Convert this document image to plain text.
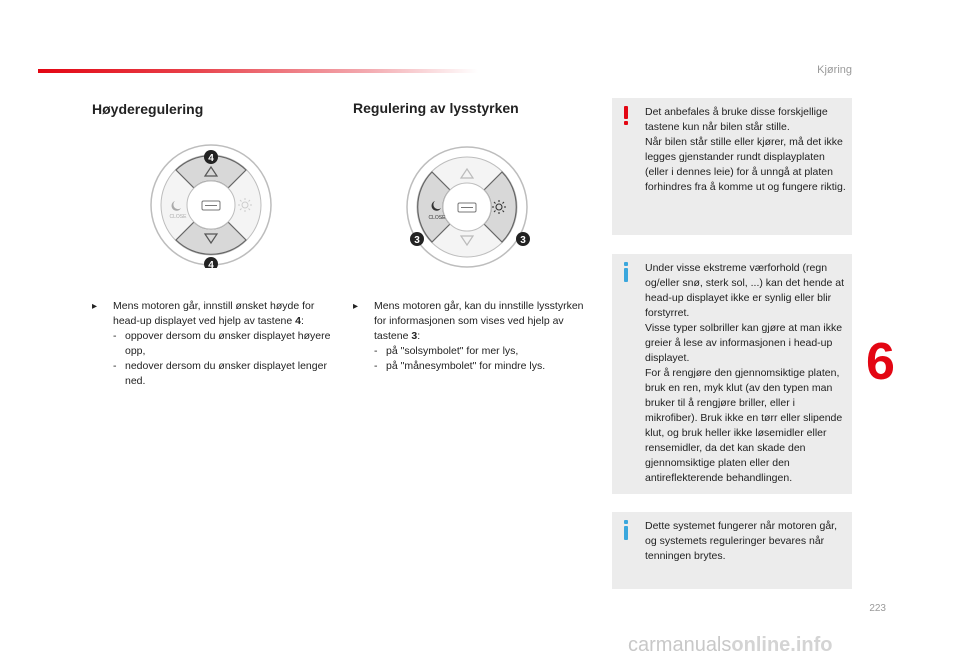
Kjøring
Høyderegulering	Regulering av lysstyrken
CLOSE
4
4
CLOSE
3	3
▸ Mens motoren går, innstill ønsket høyde for head-up displayet ved hjelp av tastene 4:
- oppover dersom du ønsker displayet høyere opp,
- nedover dersom du ønsker displayet lenger ned.
▸ Mens motoren går, kan du innstille lysstyrken for informasjonen som vises ved hjelp av tastene 3:
- på "solsymbolet" for mer lys,
- på "månesymbolet" for mindre lys.
Det anbefales å bruke disse forskjellige tastene kun når bilen står stille.
Når bilen står stille eller kjører, må det ikke legges gjenstander rundt displayplaten (eller i dennes leie) for å unngå at platen forhindres fra å komme ut og fungere riktig.
Under visse ekstreme værforhold (regn og/eller snø, sterk sol, ...) kan det hende at head-up displayet ikke er synlig eller blir forstyrret.
Visse typer solbriller kan gjøre at man ikke greier å lese av informasjonen i head-up displayet.
For å rengjøre den gjennomsiktige platen, bruk en ren, myk klut (av den typen man bruker til å rengjøre briller, eller i mikrofiber). Bruk ikke en tørr eller slipende klut, og bruk heller ikke løsemidler eller rensemidler, da det kan skade den gjennomsiktige platen eller den antireflekterende behandlingen.
Dette systemet fungerer når motoren går, og systemets reguleringer bevares når tenningen brytes.
6
223
carmanualsonline.info
